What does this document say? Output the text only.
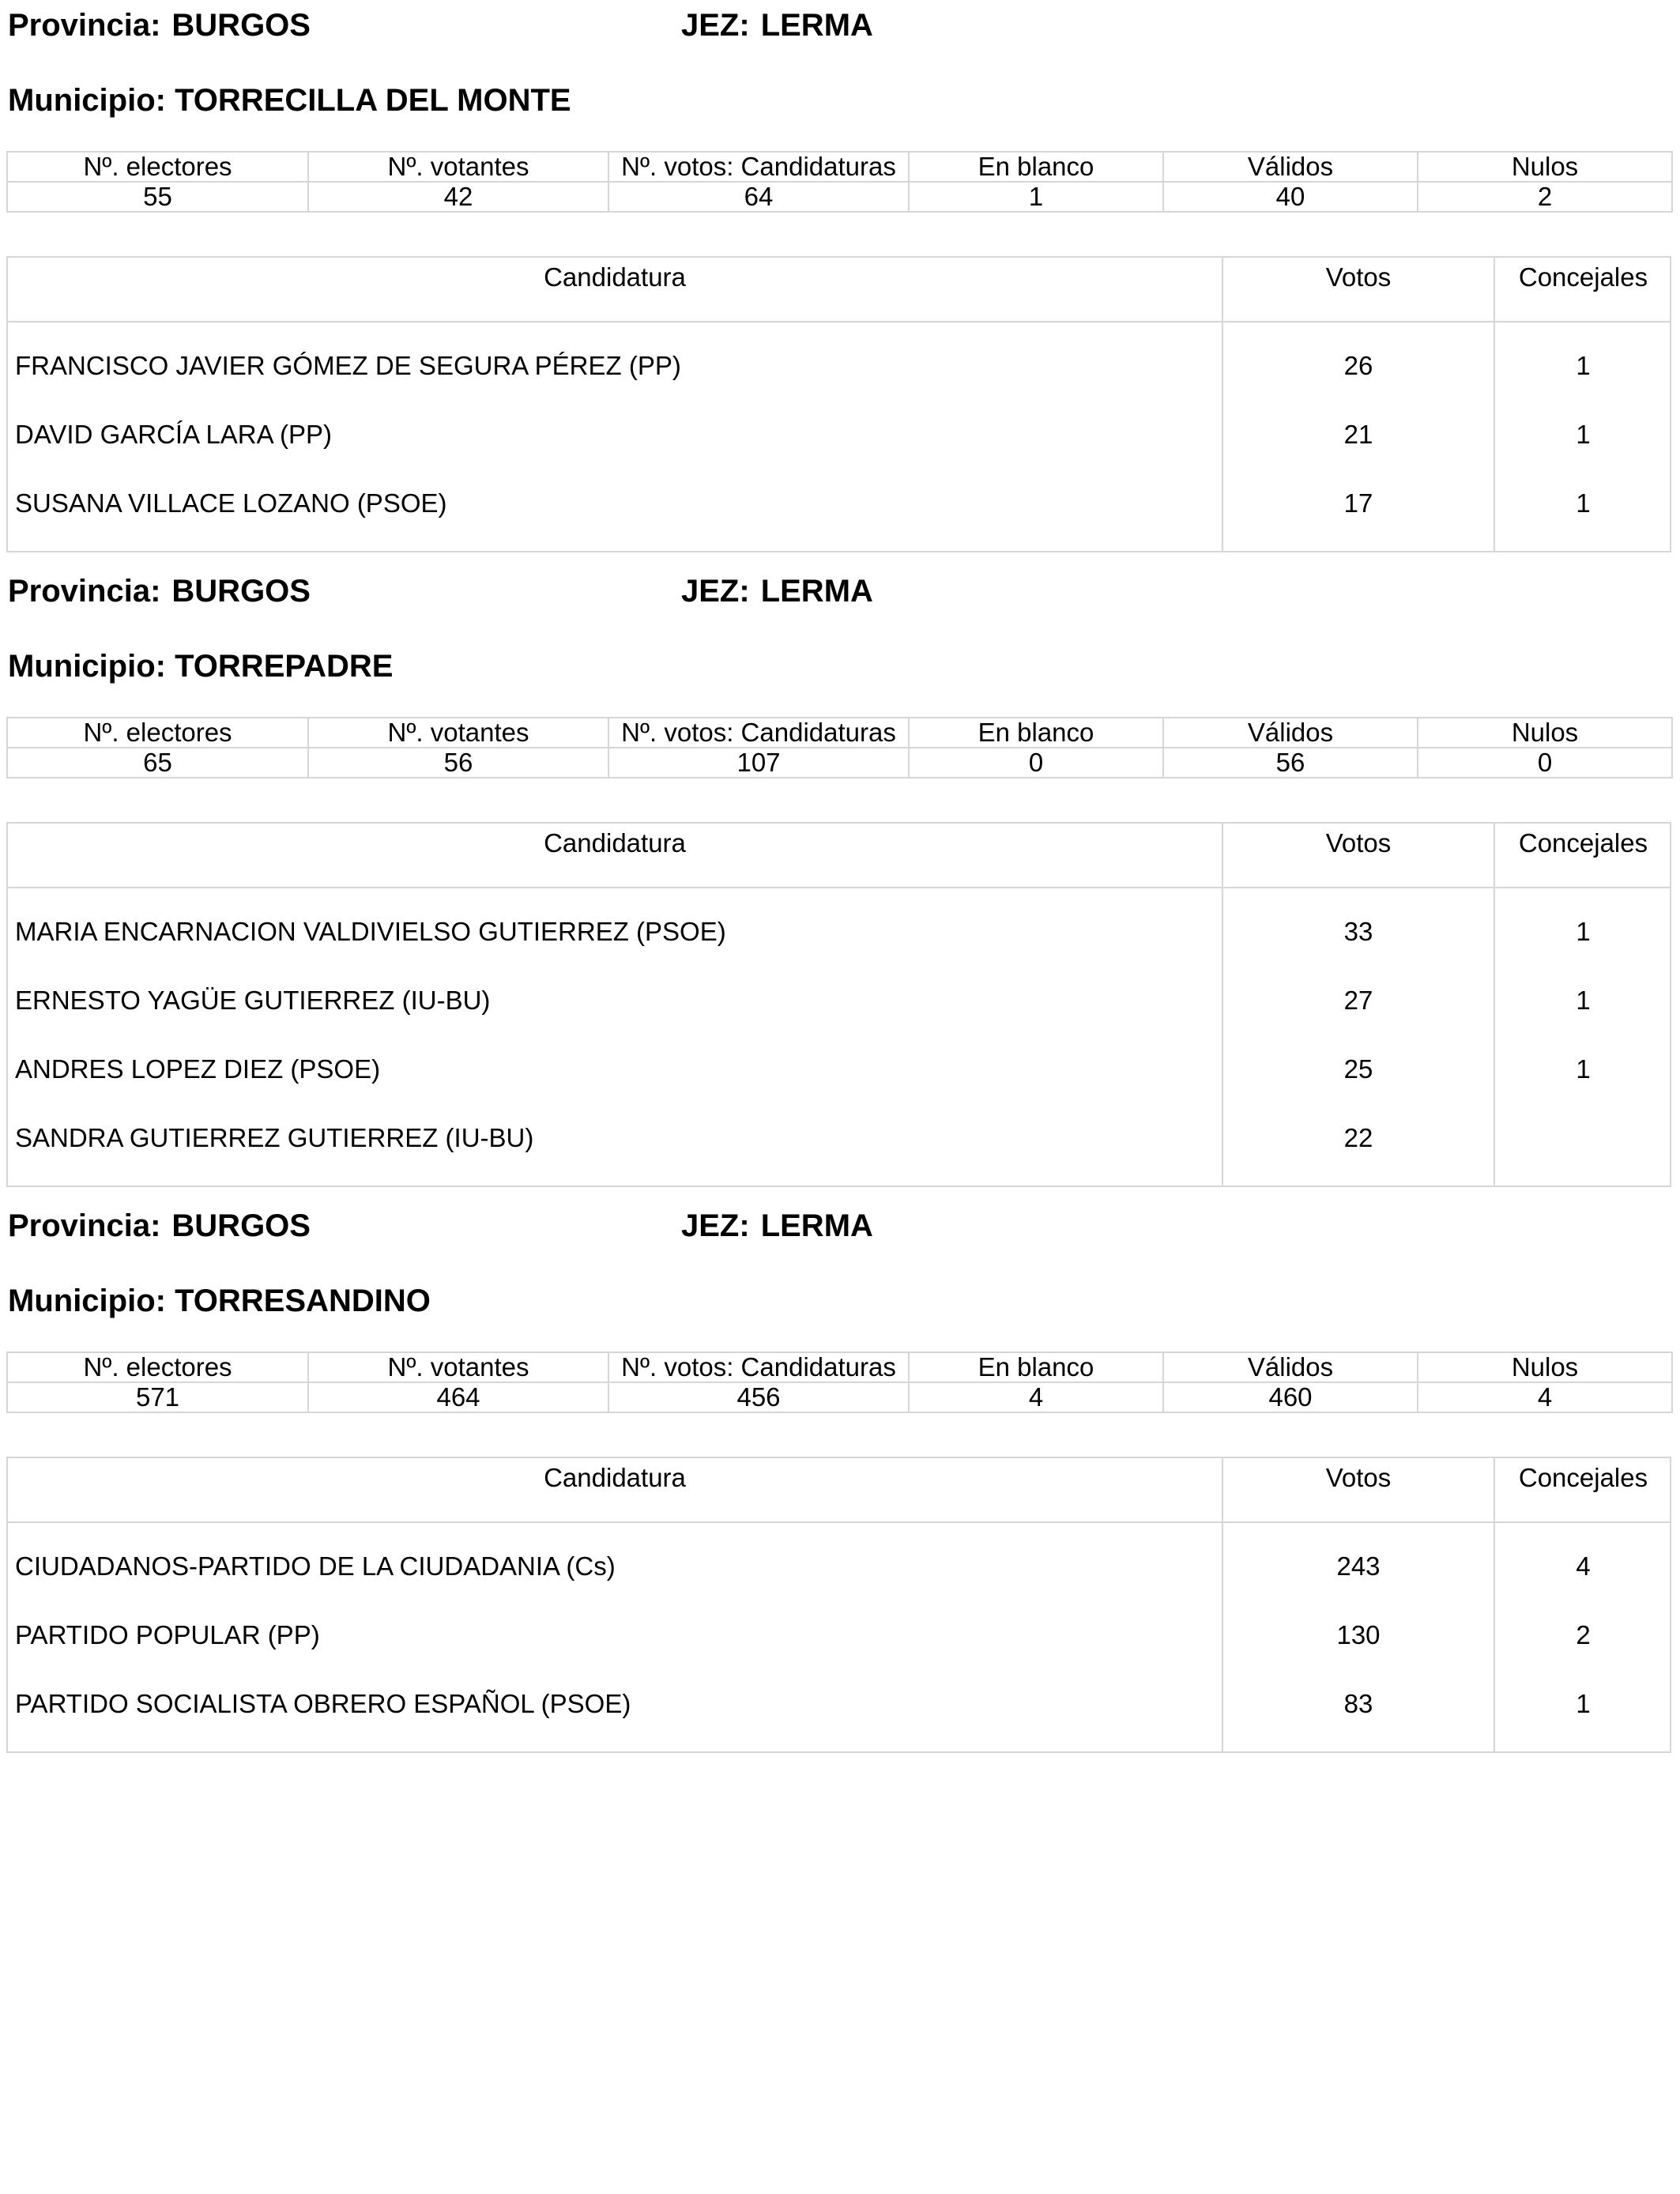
Provincia: BURGOS	JEZ: LERMA
Municipio: TORRECILLA DEL MONTE
Nº. electores	Nº. votantes	Nº. votos: Candidaturas	En blanco	Válidos	Nulos
55	42	64	1	40	2
Candidatura	Votos	Concejales
FRANCISCO JAVIER GÓMEZ DE SEGURA PÉREZ (PP)	26	1
DAVID GARCÍA LARA (PP)	21	1
SUSANA VILLACE LOZANO (PSOE)	17	1
Provincia: BURGOS	JEZ: LERMA
Municipio: TORREPADRE
Nº. electores	Nº. votantes	Nº. votos: Candidaturas	En blanco	Válidos	Nulos
65	56	107	0	56	0
Candidatura	Votos	Concejales
MARIA ENCARNACION VALDIVIELSO GUTIERREZ (PSOE)	33	1
ERNESTO YAGÜE GUTIERREZ (IU-BU)	27	1
ANDRES LOPEZ DIEZ (PSOE)	25	1
SANDRA GUTIERREZ GUTIERREZ (IU-BU)	22
Provincia: BURGOS	JEZ: LERMA
Municipio: TORRESANDINO
Nº. electores	Nº. votantes	Nº. votos: Candidaturas	En blanco	Válidos	Nulos
571	464	456	4	460	4
Candidatura	Votos	Concejales
CIUDADANOS-PARTIDO DE LA CIUDADANIA (Cs)	243	4
PARTIDO POPULAR (PP)	130	2
PARTIDO SOCIALISTA OBRERO ESPAÑOL (PSOE)	83	1
